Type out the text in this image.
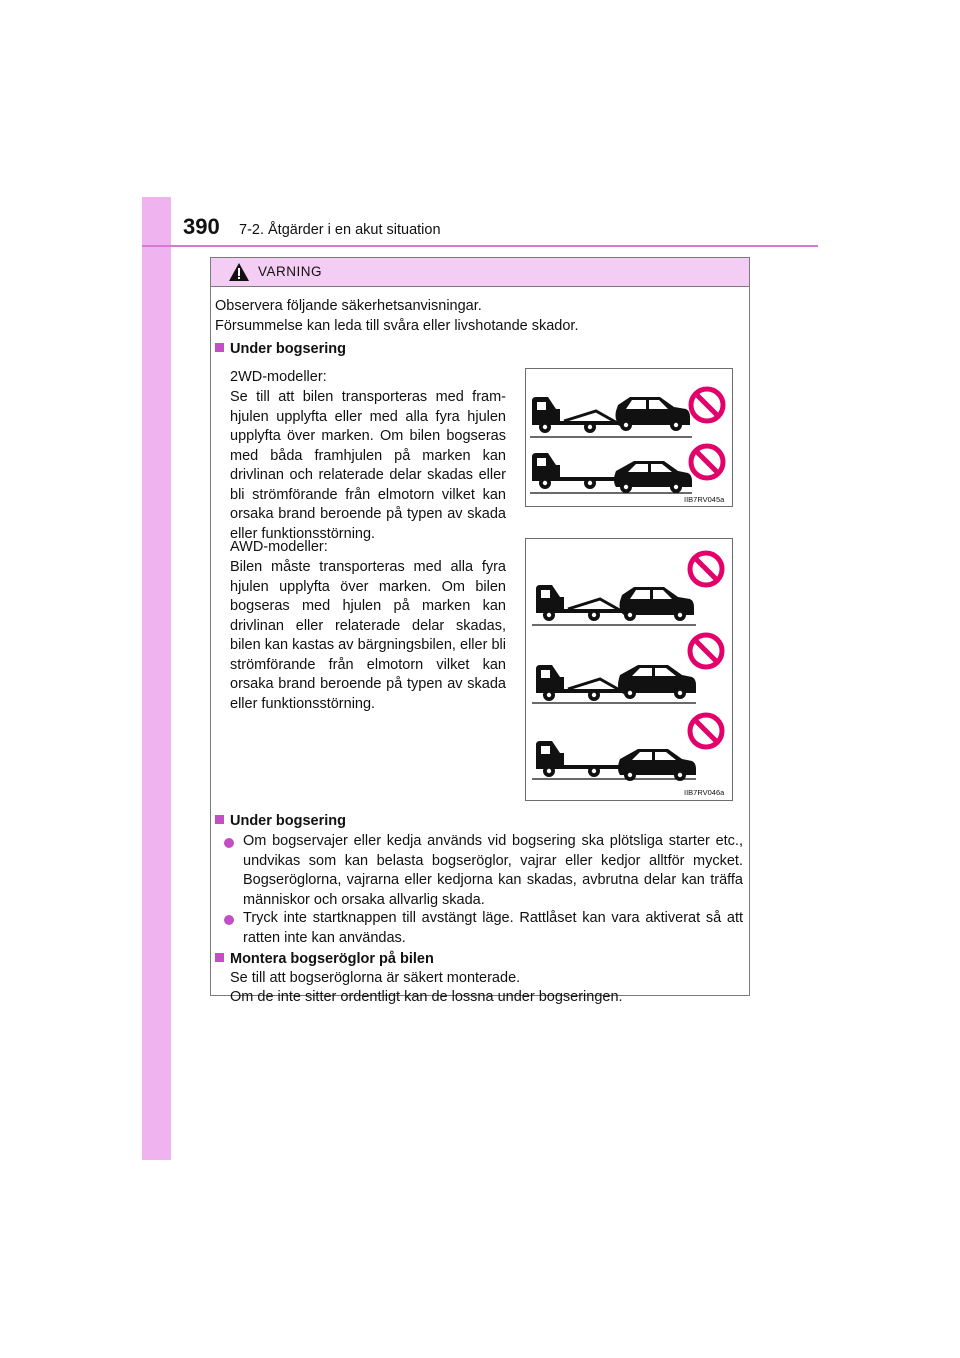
390 7-2. Åtgärder i en akut situation
VARNING
Observera följande säkerhetsanvisningar.
Försummelse kan leda till svåra eller livshotande skador.
Under bogsering
2WD-modeller:
Se till att bilen transporteras med fram-hjulen upplyfta eller med alla fyra hjulen upplyfta över marken. Om bilen bogseras med båda framhjulen på marken kan drivlinan och relaterade delar skadas eller bli strömförande från elmotorn vilket kan orsaka brand beroende på typen av skada eller funktionsstörning.
IIB7RV045a
AWD-modeller:
Bilen måste transporteras med alla fyra hjulen upplyfta över marken. Om bilen bogseras med hjulen på marken kan drivlinan eller relaterade delar skadas, bilen kan kastas av bärgningsbilen, eller bli strömförande från elmotorn vilket kan orsaka brand beroende på typen av skada eller funktionsstörning.
IIB7RV046a
Under bogsering
Om bogservajer eller kedja används vid bogsering ska plötsliga starter etc., undvikas som kan belasta bogseröglor, vajrar eller kedjor alltför mycket. Bogseröglorna, vajrarna eller kedjorna kan skadas, avbrutna delar kan träffa människor och orsaka allvarlig skada.
Tryck inte startknappen till avstängt läge. Rattlåset kan vara aktiverat så att ratten inte kan användas.
Montera bogseröglor på bilen
Se till att bogseröglorna är säkert monterade.
Om de inte sitter ordentligt kan de lossna under bogseringen.
